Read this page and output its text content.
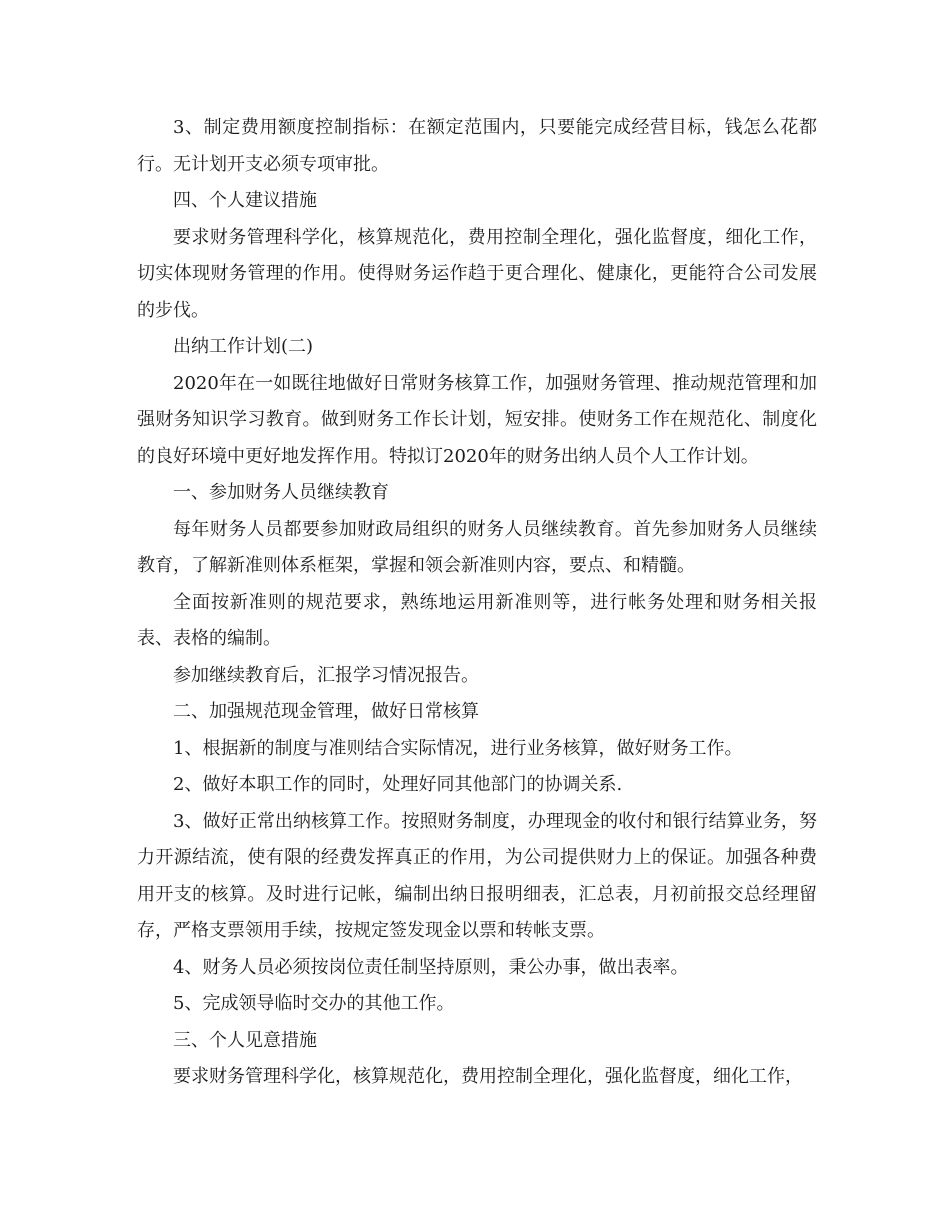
3、制定费用额度控制指标：在额定范围内，只要能完成经营目标，钱怎么花都行。无计划开支必须专项审批。

四、个人建议措施

要求财务管理科学化，核算规范化，费用控制全理化，强化监督度，细化工作，切实体现财务管理的作用。使得财务运作趋于更合理化、健康化，更能符合公司发展的步伐。

出纳工作计划(二)

2020年在一如既往地做好日常财务核算工作，加强财务管理、推动规范管理和加强财务知识学习教育。做到财务工作长计划，短安排。使财务工作在规范化、制度化的良好环境中更好地发挥作用。特拟订2020年的财务出纳人员个人工作计划。

一、参加财务人员继续教育

每年财务人员都要参加财政局组织的财务人员继续教育。首先参加财务人员继续教育，了解新准则体系框架，掌握和领会新准则内容，要点、和精髓。

全面按新准则的规范要求，熟练地运用新准则等，进行帐务处理和财务相关报表、表格的编制。

参加继续教育后，汇报学习情况报告。

二、加强规范现金管理，做好日常核算

1、根据新的制度与准则结合实际情况，进行业务核算，做好财务工作。

2、做好本职工作的同时，处理好同其他部门的协调关系.

3、做好正常出纳核算工作。按照财务制度，办理现金的收付和银行结算业务，努力开源结流，使有限的经费发挥真正的作用，为公司提供财力上的保证。加强各种费用开支的核算。及时进行记帐，编制出纳日报明细表，汇总表，月初前报交总经理留存，严格支票领用手续，按规定签发现金以票和转帐支票。

4、财务人员必须按岗位责任制坚持原则，秉公办事，做出表率。

5、完成领导临时交办的其他工作。

三、个人见意措施

要求财务管理科学化，核算规范化，费用控制全理化，强化监督度，细化工作，
